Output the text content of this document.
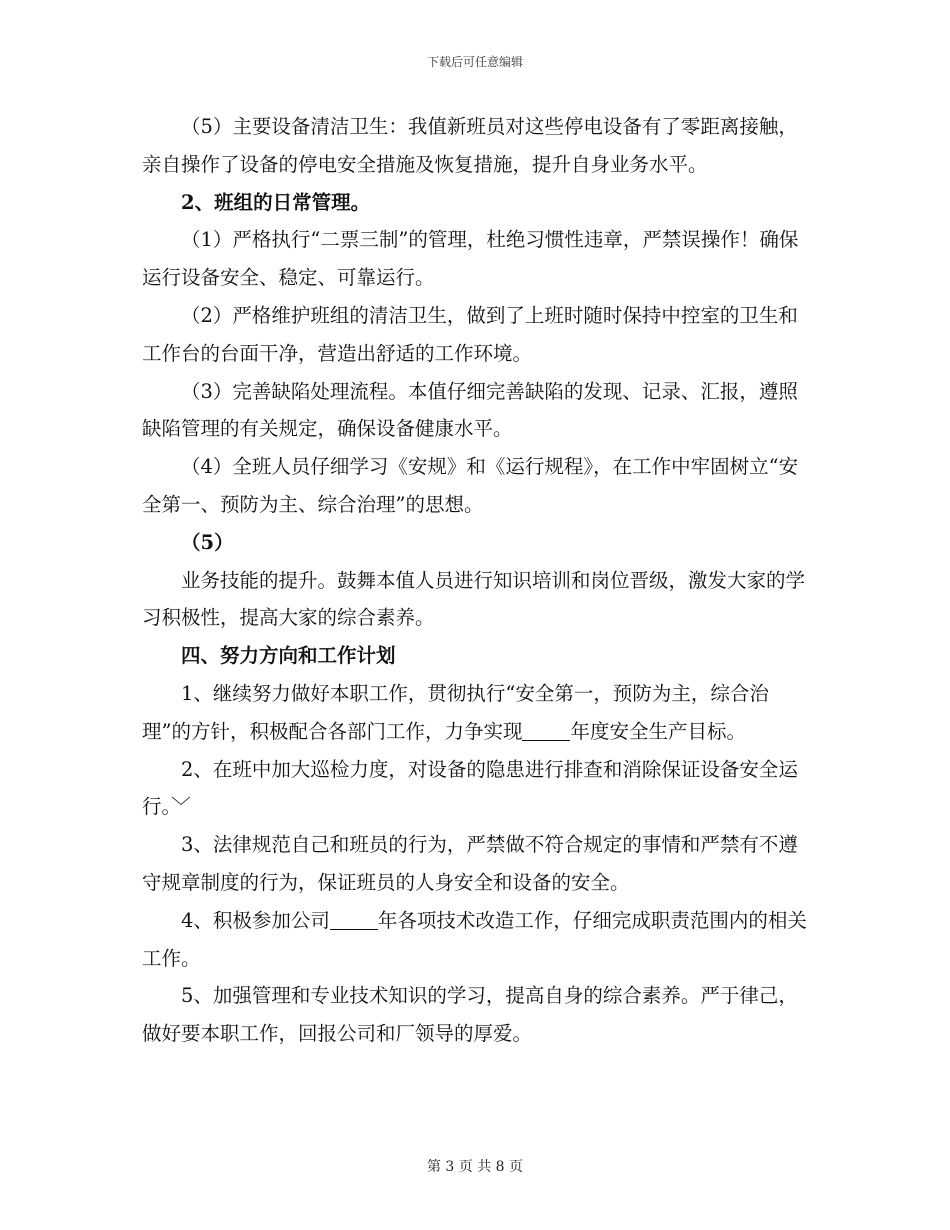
下载后可任意编辑

（5）主要设备清洁卫生：我值新班员对这些停电设备有了零距离接触，亲自操作了设备的停电安全措施及恢复措施，提升自身业务水平。

2、班组的日常管理。

（1）严格执行“二票三制”的管理，杜绝习惯性违章，严禁误操作！确保运行设备安全、稳定、可靠运行。

（2）严格维护班组的清洁卫生，做到了上班时随时保持中控室的卫生和工作台的台面干净，营造出舒适的工作环境。

（3）完善缺陷处理流程。本值仔细完善缺陷的发现、记录、汇报，遵照缺陷管理的有关规定，确保设备健康水平。

（4）全班人员仔细学习《安规》和《运行规程》，在工作中牢固树立“安全第一、预防为主、综合治理”的思想。

（5）

业务技能的提升。鼓舞本值人员进行知识培训和岗位晋级，激发大家的学习积极性，提高大家的综合素养。

四、努力方向和工作计划

1、继续努力做好本职工作，贯彻执行“安全第一，预防为主，综合治理”的方针，积极配合各部门工作，力争实现 年度安全生产目标。

2、在班中加大巡检力度，对设备的隐患进行排查和消除保证设备安全运行。﹀

3、法律规范自己和班员的行为，严禁做不符合规定的事情和严禁有不遵守规章制度的行为，保证班员的人身安全和设备的安全。

4、积极参加公司 年各项技术改造工作，仔细完成职责范围内的相关工作。

5、加强管理和专业技术知识的学习，提高自身的综合素养。严于律己，做好要本职工作，回报公司和厂领导的厚爱。

第 3 页 共 8 页
